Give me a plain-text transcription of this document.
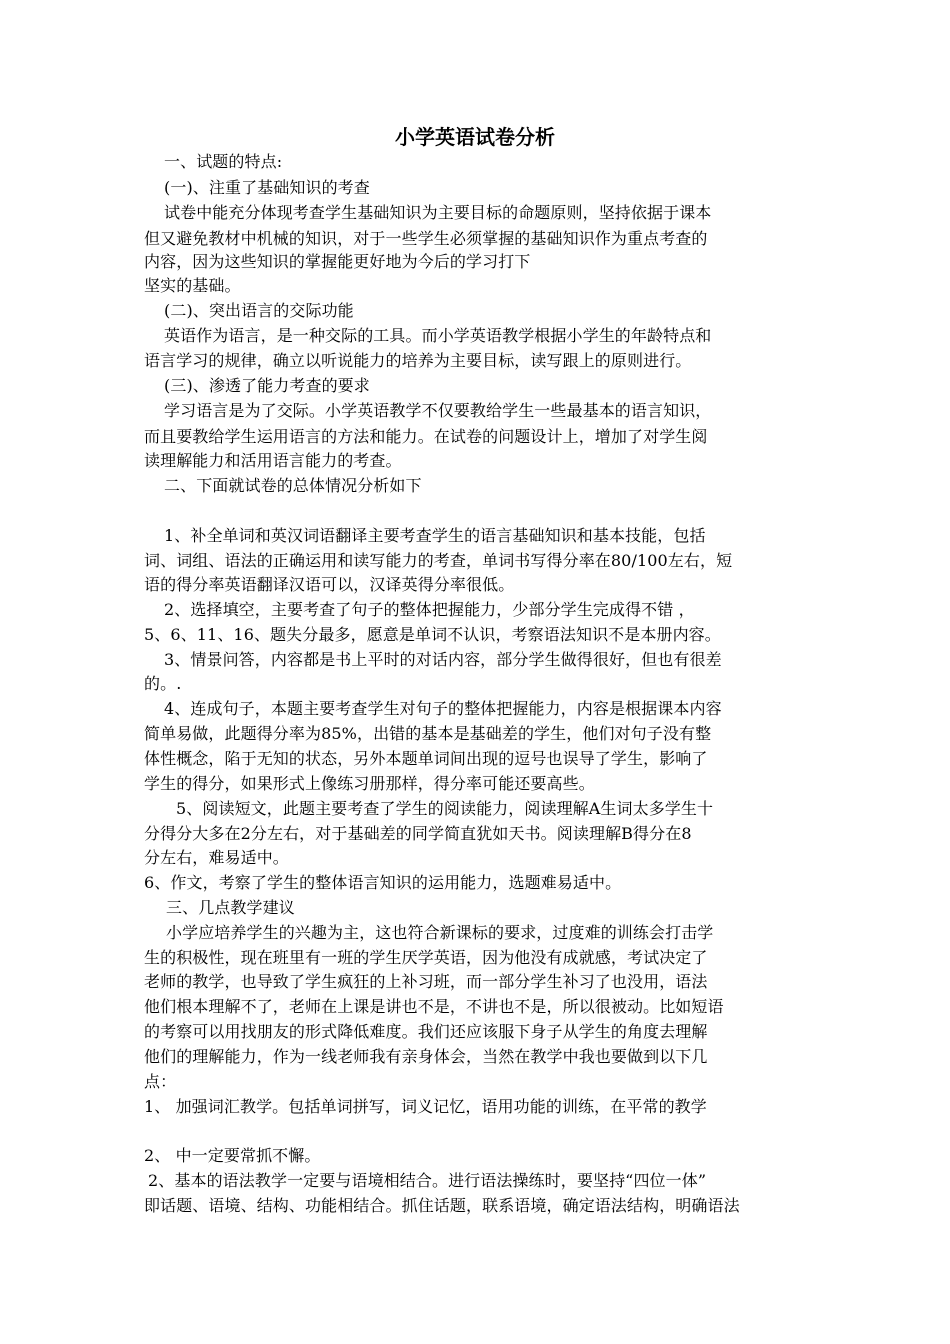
小学英语试卷分析
一、试题的特点:
(一)、注重了基础知识的考查
试卷中能充分体现考查学生基础知识为主要目标的命题原则，坚持依据于课本
但又避免教材中机械的知识，对于一些学生必须掌握的基础知识作为重点考查的
内容，因为这些知识的掌握能更好地为今后的学习打下
坚实的基础。
(二)、突出语言的交际功能
英语作为语言，是一种交际的工具。而小学英语教学根据小学生的年龄特点和
语言学习的规律，确立以听说能力的培养为主要目标，读写跟上的原则进行。
(三)、渗透了能力考查的要求
学习语言是为了交际。小学英语教学不仅要教给学生一些最基本的语言知识，
而且要教给学生运用语言的方法和能力。在试卷的问题设计上，增加了对学生阅
读理解能力和活用语言能力的考查。
二、下面就试卷的总体情况分析如下
1、补全单词和英汉词语翻译主要考查学生的语言基础知识和基本技能，包括
词、词组、语法的正确运用和读写能力的考查，单词书写得分率在80/100左右，短
语的得分率英语翻译汉语可以，汉译英得分率很低。
2、选择填空，主要考查了句子的整体把握能力，少部分学生完成得不错 ，
5、6、11、16、题失分最多，愿意是单词不认识，考察语法知识不是本册内容。
3、情景问答，内容都是书上平时的对话内容，部分学生做得很好，但也有很差
的。.
4、连成句子，本题主要考查学生对句子的整体把握能力，内容是根据课本内容
简单易做，此题得分率为85%，出错的基本是基础差的学生，他们对句子没有整
体性概念，陷于无知的状态，另外本题单词间出现的逗号也误导了学生，影响了
学生的得分，如果形式上像练习册那样，得分率可能还要高些。
5、阅读短文，此题主要考查了学生的阅读能力，阅读理解A生词太多学生十
分得分大多在2分左右，对于基础差的同学简直犹如天书。阅读理解B得分在8
分左右，难易适中。
6、作文，考察了学生的整体语言知识的运用能力，选题难易适中。
三、几点教学建议
小学应培养学生的兴趣为主，这也符合新课标的要求，过度难的训练会打击学
生的积极性，现在班里有一班的学生厌学英语，因为他没有成就感，考试决定了
老师的教学，也导致了学生疯狂的上补习班，而一部分学生补习了也没用，语法
他们根本理解不了，老师在上课是讲也不是，不讲也不是，所以很被动。比如短语
的考察可以用找朋友的形式降低难度。我们还应该服下身子从学生的角度去理解
他们的理解能力，作为一线老师我有亲身体会，当然在教学中我也要做到以下几
点：
1、 加强词汇教学。包括单词拼写，词义记忆，语用功能的训练，在平常的教学
2、 中一定要常抓不懈。
2、基本的语法教学一定要与语境相结合。进行语法操练时，要坚持“四位一体”
即话题、语境、结构、功能相结合。抓住话题，联系语境，确定语法结构，明确语法
